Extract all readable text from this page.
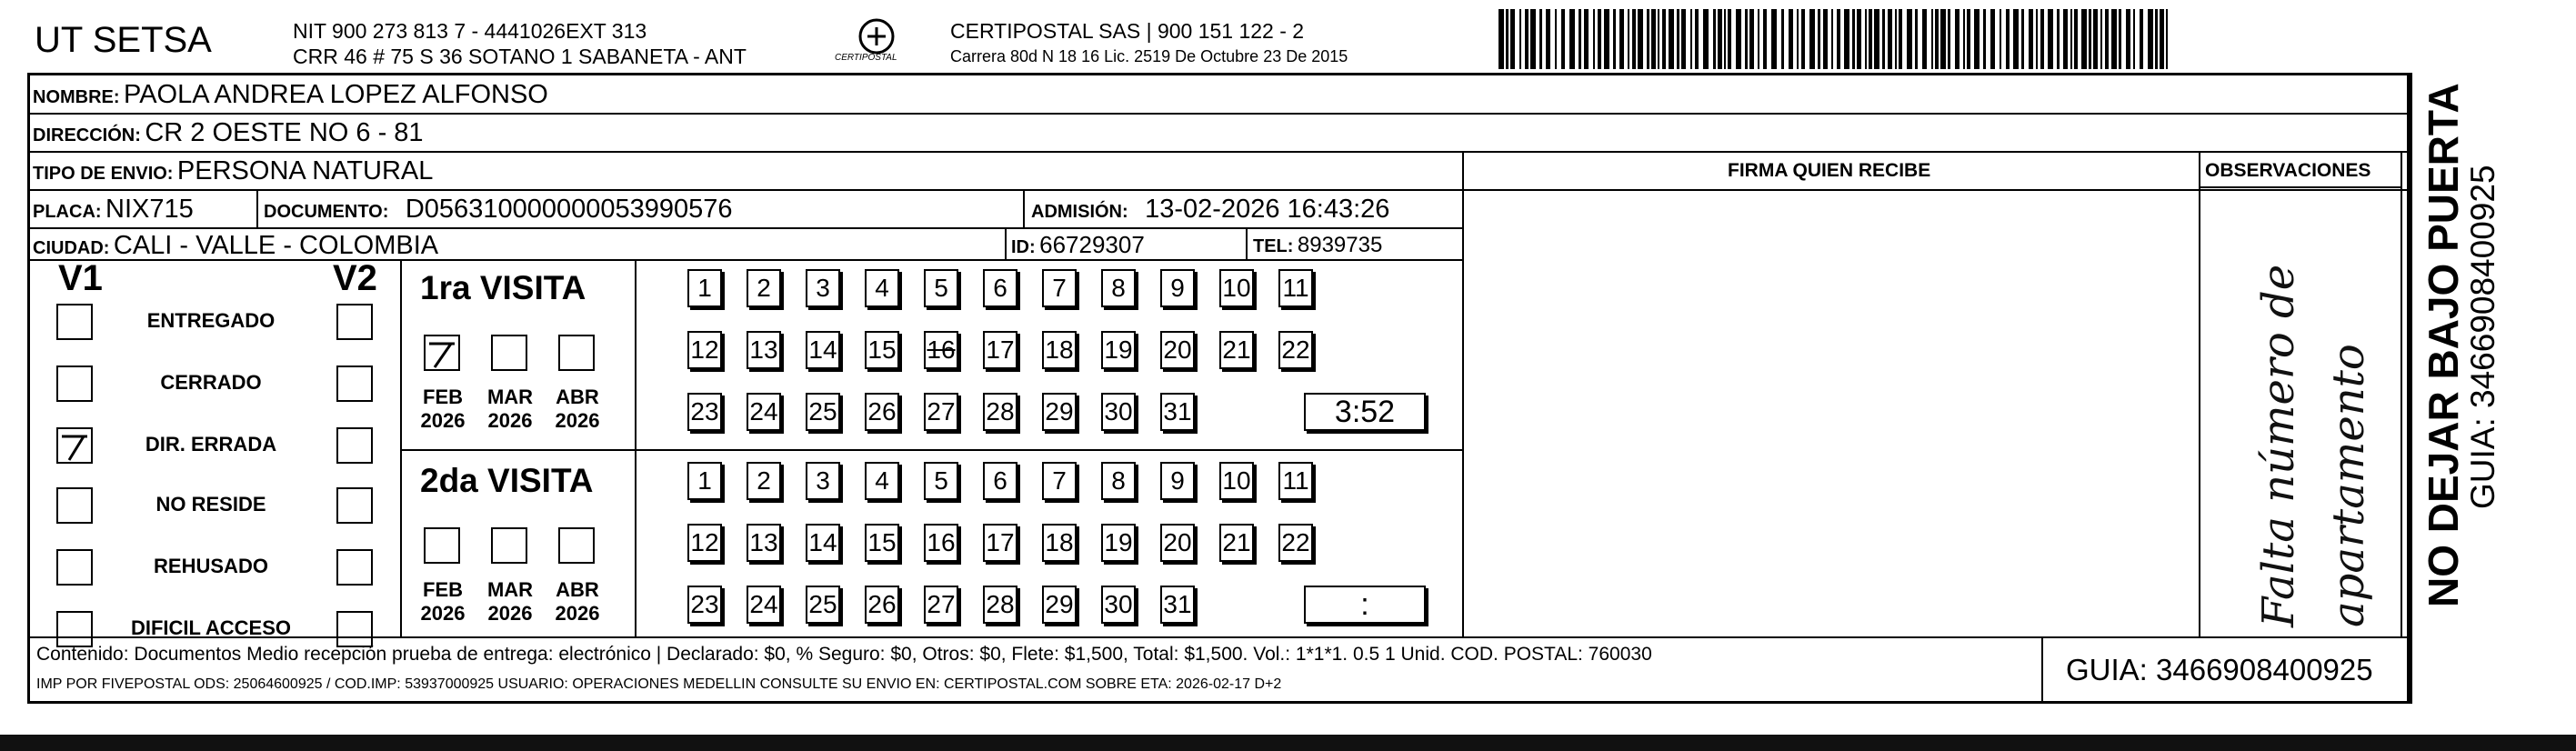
UT SETSA	NIT 900 273 813 7 - 4441026EXT 313
CRR 46 # 75 S 36 SOTANO 1 SABANETA - ANT	CERTIPOSTAL
CERTIPOSTAL SAS | 900 151 122 - 2
Carrera 80d N 18 16 Lic. 2519 De Octubre 23 De 2015
NOMBRE: PAOLA ANDREA LOPEZ ALFONSO
DIRECCIÓN: CR 2 OESTE NO 6 - 81
TIPO DE ENVIO: PERSONA NATURAL	FIRMA QUIEN RECIBE	OBSERVACIONES
PLACA: NIX715	DOCUMENTO: D056310000000053990576	ADMISIÓN: 13-02-2026 16:43:26
CIUDAD: CALI - VALLE - COLOMBIA	ID: 66729307	TEL: 8939735
V1	V2
ENTREGADO
CERRADO
DIR. ERRADA
NO RESIDE
REHUSADO
DIFICIL ACCESO
1ra VISITA
2da VISITA
FEB
2026
MAR
2026
ABR
2026
1	2	3	4	5	6	7	8	9	10 11
12 13 14 15 16 17 18 19 20 21 22
23 24 25 26 27 28 29 30 31	3:52
FEB
2026
MAR
2026
ABR
2026
1	2	3	4	5	6	7	8	9	10 11
12 13 14 15 16 17 18 19 20 21 22
23 24 25 26 27 28 29 30 31	:	Falta número de apartamento NO DEJAR BAJO PUERTA
GUIA: 3466908400925
Contenido: Documentos Medio recepción prueba de entrega: electrónico | Declarado: $0, % Seguro: $0, Otros: $0, Flete: $1,500, Total: $1,500. Vol.: 1*1*1. 0.5 1 Unid. COD. POSTAL: 760030
IMP POR FIVEPOSTAL ODS: 25064600925 / COD.IMP: 53937000925 USUARIO: OPERACIONES MEDELLIN CONSULTE SU ENVIO EN: CERTIPOSTAL.COM SOBRE ETA: 2026-02-17 D+2	GUIA: 3466908400925
